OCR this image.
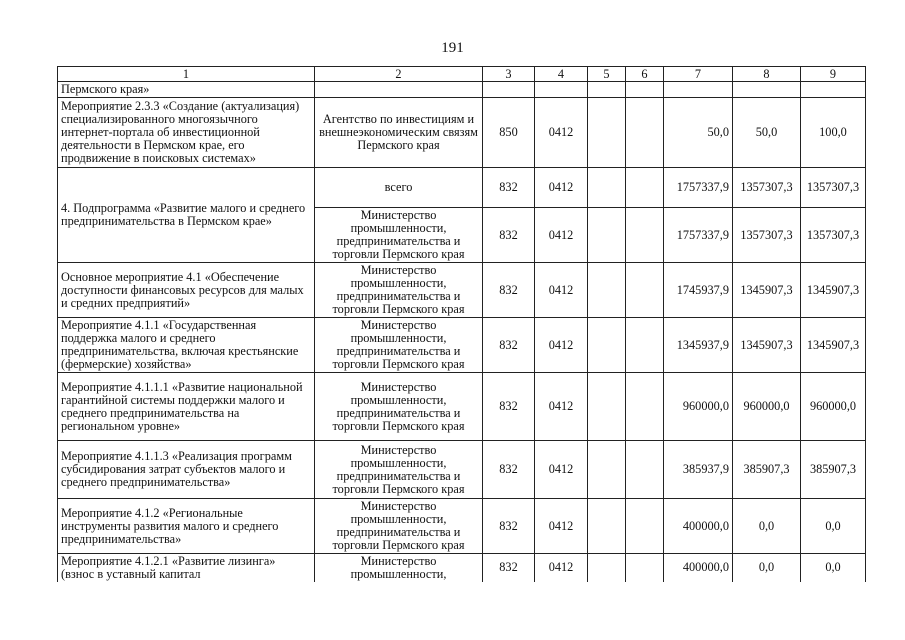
191
1	2	3	4	5	6	7	8	9
Пермского края»								
Мероприятие 2.3.3 «Создание (актуализация) специализированного многоязычного интернет-портала об инвестиционной деятельности в Пермском крае, его продвижение в поисковых системах»	Агентство по инвестициям и внешнеэкономическим связям Пермского края	850	0412			50,0	50,0	100,0
4. Подпрограмма «Развитие малого и среднего предпринимательства в Пермском крае»	всего	832	0412			1757337,9	1357307,3	1357307,3
	Министерство промышленности, предпринимательства и торговли Пермского края	832	0412			1757337,9	1357307,3	1357307,3
Основное мероприятие 4.1 «Обеспечение доступности финансовых ресурсов для малых и средних предприятий»	Министерство промышленности, предпринимательства и торговли Пермского края	832	0412			1745937,9	1345907,3	1345907,3
Мероприятие 4.1.1 «Государственная поддержка малого и среднего предпринимательства, включая крестьянские (фермерские) хозяйства»	Министерство промышленности, предпринимательства и торговли Пермского края	832	0412			1345937,9	1345907,3	1345907,3
Мероприятие 4.1.1.1 «Развитие национальной гарантийной системы поддержки малого и среднего предпринимательства на региональном уровне»	Министерство промышленности, предпринимательства и торговли Пермского края	832	0412			960000,0	960000,0	960000,0
Мероприятие 4.1.1.3 «Реализация программ субсидирования затрат субъектов малого и среднего предпринимательства»	Министерство промышленности, предпринимательства и торговли Пермского края	832	0412			385937,9	385907,3	385907,3
Мероприятие 4.1.2 «Региональные инструменты развития малого и среднего предпринимательства»	Министерство промышленности, предпринимательства и торговли Пермского края	832	0412			400000,0	0,0	0,0
Мероприятие 4.1.2.1 «Развитие лизинга» (взнос в уставный капитал	Министерство промышленности,	832	0412			400000,0	0,0	0,0
